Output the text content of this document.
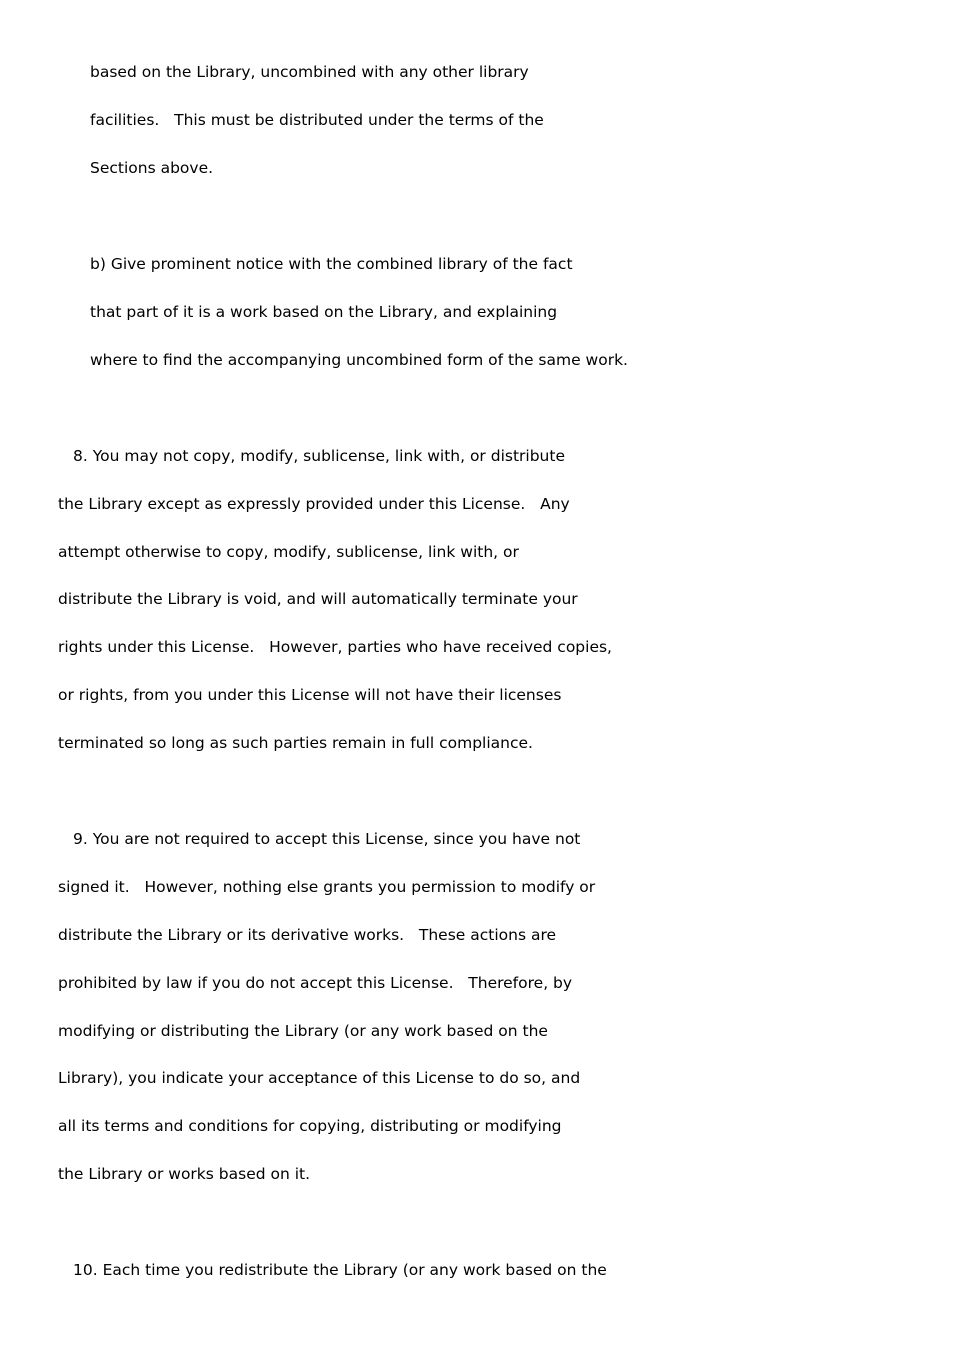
based on the Library, uncombined with any other library
facilities.   This must be distributed under the terms of the
Sections above.
b) Give prominent notice with the combined library of the fact
that part of it is a work based on the Library, and explaining
where to find the accompanying uncombined form of the same work.
8. You may not copy, modify, sublicense, link with, or distribute
the Library except as expressly provided under this License.   Any
attempt otherwise to copy, modify, sublicense, link with, or
distribute the Library is void, and will automatically terminate your
rights under this License.   However, parties who have received copies,
or rights, from you under this License will not have their licenses
terminated so long as such parties remain in full compliance.
9. You are not required to accept this License, since you have not
signed it.   However, nothing else grants you permission to modify or
distribute the Library or its derivative works.   These actions are
prohibited by law if you do not accept this License.   Therefore, by
modifying or distributing the Library (or any work based on the
Library), you indicate your acceptance of this License to do so, and
all its terms and conditions for copying, distributing or modifying
the Library or works based on it.
10. Each time you redistribute the Library (or any work based on the
